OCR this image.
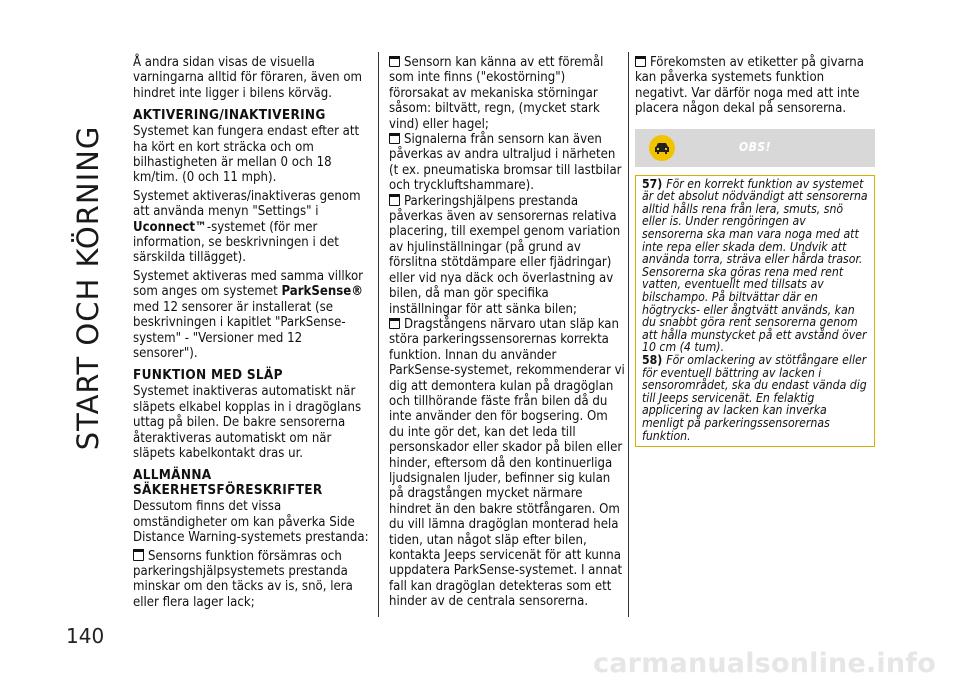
START OCH KÖRNING
140

Å andra sidan visas de visuella varningarna alltid för föraren, även om hindret inte ligger i bilens körväg.

AKTIVERING/INAKTIVERING

Systemet kan fungera endast efter att ha kört en kort sträcka och om bilhastigheten är mellan 0 och 18 km/tim. (0 och 11 mph).

Systemet aktiveras/inaktiveras genom att använda menyn "Settings" i Uconnect™-systemet (för mer information, se beskrivningen i det särskilda tillägget).

Systemet aktiveras med samma villkor som anges om systemet ParkSense® med 12 sensorer är installerat (se beskrivningen i kapitlet "ParkSense-system" - "Versioner med 12 sensorer").

FUNKTION MED SLÄP

Systemet inaktiveras automatiskt när släpets elkabel kopplas in i dragöglans uttag på bilen. De bakre sensorerna återaktiveras automatiskt om när släpets kabelkontakt dras ur.

ALLMÄNNA
SÄKERHETSFÖRESKRIFTER

Dessutom finns det vissa omständigheter om kan påverka Side Distance Warning-systemets prestanda:

Sensorns funktion försämras och parkeringshjälpsystemets prestanda minskar om den täcks av is, snö, lera eller flera lager lack;

Sensorn kan känna av ett föremål som inte finns ("ekostörning") förorsakat av mekaniska störningar såsom: biltvätt, regn, (mycket stark vind) eller hagel;

Signalerna från sensorn kan även påverkas av andra ultraljud i närheten (t ex. pneumatiska bromsar till lastbilar och tryckluftshammare).

Parkeringshjälpens prestanda påverkas även av sensorernas relativa placering, till exempel genom variation av hjulinställningar (på grund av förslitna stötdämpare eller fjädringar) eller vid nya däck och överlastning av bilen, då man gör specifika inställningar för att sänka bilen;

Dragstångens närvaro utan släp kan störa parkeringssensorernas korrekta funktion. Innan du använder ParkSense-systemet, rekommenderar vi dig att demontera kulan på dragöglan och tillhörande fäste från bilen då du inte använder den för bogsering. Om du inte gör det, kan det leda till personskador eller skador på bilen eller hinder, eftersom då den kontinuerliga ljudsignalen ljuder, befinner sig kulan på dragstången mycket närmare hindret än den bakre stötfångaren. Om du vill lämna dragöglan monterad hela tiden, utan något släp efter bilen, kontakta Jeeps servicenät för att kunna uppdatera ParkSense-systemet. I annat fall kan dragöglan detekteras som ett hinder av de centrala sensorerna.

Förekomsten av etiketter på givarna kan påverka systemets funktion negativt. Var därför noga med att inte placera någon dekal på sensorerna.

OBS!

57) För en korrekt funktion av systemet är det absolut nödvändigt att sensorerna alltid hålls rena från lera, smuts, snö eller is. Under rengöringen av sensorerna ska man vara noga med att inte repa eller skada dem. Undvik att använda torra, sträva eller hårda trasor. Sensorerna ska göras rena med rent vatten, eventuellt med tillsats av bilschampo. På biltvättar där en högtrycks- eller ångtvätt används, kan du snabbt göra rent sensorerna genom att hålla munstycket på ett avstånd över 10 cm (4 tum).

58) För omlackering av stötfångare eller för eventuell bättring av lacken i sensorområdet, ska du endast vända dig till Jeeps servicenät. En felaktig applicering av lacken kan inverka menligt på parkeringssensorernas funktion.

carmanualsonline.info
